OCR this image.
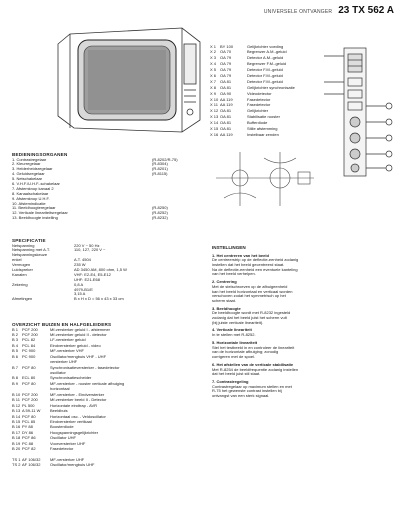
UNIVERSELE ONTVANGER 23 TX 562 A
X 1 BY 100	Gelijkrichter voeding
X 2 OA 70	Begrenzer A.M.-geluid
X 3 OA 79	Detector A.M.-geluid
X 4 OA 79	Begrenzer F.M.-geluid
X 5 OA 79	Detector F.M.-geluid
X 6 OA 79	Detector F.M.-geluid
X 7 OA 81	Detector F.M.-geluid
X 8 OA 81	Gelijkrichter synchronisatie
X 9 OA 90	Videodetector
X 10 AA 119	Fasedetector
X 11 AA 119	Fasedetector
X 12 OA 81	Gelijkrichter
X 13 OA 81	Stabilisatie rooster
X 14 OA 81	Bufferdiode
X 15 OA 81	Stille afstemming
X 16 AA 119	Instelbaar zenden
BEDIENINGSORGANEN
1. Contrastregelaar	(R-8202/R-75)
2. Kleurregelaar	(R-8304)
3. Helderheidsregelaar	(R-8201)
4. Geluidsregelaar	(R-8115)
5. Netschakelaar
6. V.H.F./U.H.F.-schakelaar
7. Afstemknop kanaal 2
8. Kanaalschakelaar
9. Afstemknop U.H.F.
10. Afstemindicatie
11. Beeldhoogteregelaar	(R-8250)
12. Verticale lineariteitsregelaar	(R-8252)
13. Beeldhoogte instelling	(R-8232)
SPECIFICATIE
Netspanning	220 V ~ 50 Hz
Netspanning met A.T.	110, 127, 220 V ~
Netspanningskeuze
enkel	A.T. 4504
Vermogen	235 W
Luidspreker	AD 3450 AM, 800 ohm, 1,5 W
Kanalen	VHF: E2-E4, E5-E12
UHF: E21-E68
Zekering	0,8 A
4979-B1/E
3,15 A
Afmetingen	B x H x D = 56 x 43 x 33 cm
OVERZICHT BUIZEN EN HALFGELEIDERS
B 1 PCF 200	Mf-versterker geluid I - afstemmer
B 2 PCF 200	Mf-versterker geluid II - detector
B 3 PCL 82	LF-versterker geluid
B 4 PCL 84	Eindversterker geluid - video
B 5 PC 900	MF-versterker VHF
B 6 PC 900	Oscillator/mengbuis VHF - UHF
versterker UHF
B 7 PCF 80	Synchronisatieversterker - fasedetector
oscillator
B 8 ECL 80	Synchronisatiescheider
B 9 PCF 80	MF-versterker - rooster verticale afbuiging
horizontaal
B 10 PCF 200	MF-versterker - Eindversterker
B 11 PCF 200	Mf-versterker beeld II - Detector
B 12 PL 500	Horizontale eindtrap - AVR
B 13 A 59-11 W	Beeldbuis
B 14 PCF 80	Horizontaal osc. - Veldoscillator
B 15 PCL 85	Eindversterker vertikaal
B 16 PY 88	Boosterdiode
B 17 DY 86	Hoogspanningsgelijkrichter
B 18 PCF 86	Oscillator UHF
B 19 PC 88	Voorversterker UHF
B 20 PCF 82	Fasedetector
TS 1 AF 106/32	MF-versterker UHF
TS 2 AF 106/32	Oscillator/mengbuis UHF
INSTELLINGEN
1. Het centreren van het beeld
De centreerstrip op de deflectie-eenheid zodanig
instellen dat het beeld gecentreerd staat.
Na de deflectie-eenheid een eventuele kanteling
van het beeld verhelpen.
2. Centrering
Met de stelschroeven op de afbuigeenheid
kan het beeld horizontaal en verticaal worden
verschoven zodat het symmetrisch op het
scherm staat.
3. Beeldhoogte
De beeldhoogte wordt met R-8232 ingesteld
zodanig dat het beeld juist het scherm vult
(bij juiste verticale lineariteit).
4. Verticale lineariteit
In te stellen met R-8252.
5. Horizontale lineariteit
Stel het testbeeld in en controleer de lineariteit
van de horizontale afbuiging; zonodig
corrigeren met de spoel.
6. Het afstellen van de verticale stabilisatie
Met R-8254 de beeldfrequentie zodanig instellen
dat het beeld juist stil staat.
7. Contrastregeling
Contrastregelaar op maximum stellen en met
R-75 het gewenste contrast instellen bij
ontvangst van een sterk signaal.
